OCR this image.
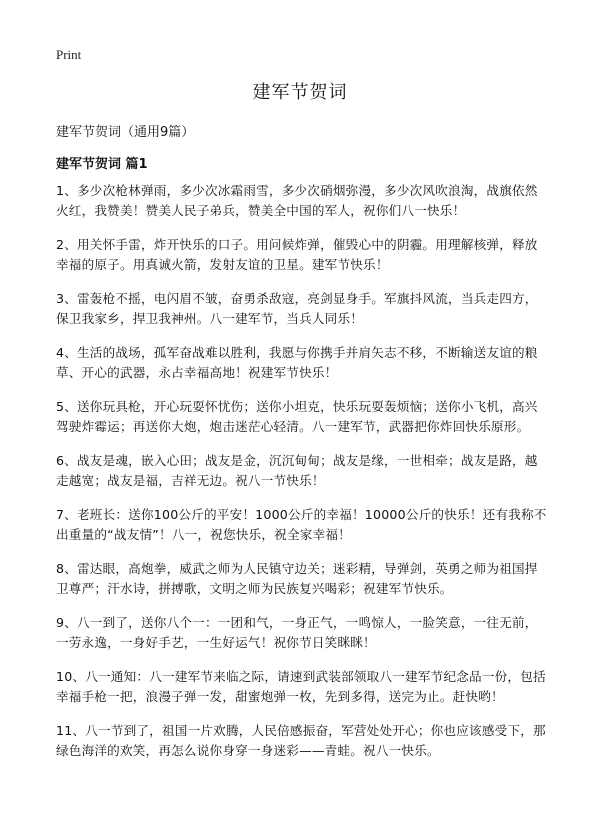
Print
建军节贺词

建军节贺词（通用9篇）

建军节贺词 篇1

1、多少次枪林弹雨，多少次冰霜雨雪，多少次硝烟弥漫，多少次风吹浪淘，战旗依然火红，我赞美！赞美人民子弟兵，赞美全中国的军人，祝你们八一快乐！

2、用关怀手雷，炸开快乐的口子。用问候炸弹，催毁心中的阴霾。用理解核弹，释放幸福的原子。用真诚火箭，发射友谊的卫星。建军节快乐！

3、雷轰枪不摇，电闪眉不皱，奋勇杀敌寇，亮剑显身手。军旗抖风流，当兵走四方，保卫我家乡，捍卫我神州。八一建军节，当兵人同乐！

4、生活的战场，孤军奋战难以胜利，我愿与你携手并肩矢志不移，不断输送友谊的粮草、开心的武器，永占幸福高地！祝建军节快乐！

5、送你玩具枪，开心玩耍怀忧伤；送你小坦克，快乐玩耍轰烦恼；送你小飞机，高兴驾驶炸霉运；再送你大炮，炮击迷茫心轻清。八一建军节，武器把你炸回快乐原形。

6、战友是魂，嵌入心田；战友是金，沉沉甸甸；战友是缘，一世相牵；战友是路，越走越宽；战友是福，吉祥无边。祝八一节快乐！

7、老班长：送你100公斤的平安！1000公斤的幸福！10000公斤的快乐！还有我称不出重量的“战友情”！八一，祝您快乐，祝全家幸福！

8、雷达眼，高炮拳，威武之师为人民镇守边关；迷彩精，导弹剑，英勇之师为祖国捍卫尊严；汗水诗，拼搏歌，文明之师为民族复兴喝彩；祝建军节快乐。

9、八一到了，送你八个一：一团和气，一身正气，一鸣惊人，一脸笑意，一往无前，一劳永逸，一身好手艺，一生好运气！祝你节日笑眯眯！

10、八一通知：八一建军节来临之际，请速到武装部领取八一建军节纪念品一份，包括幸福手枪一把，浪漫子弹一发，甜蜜炮弹一枚，先到多得，送完为止。赶快哟！

11、八一节到了，祖国一片欢腾，人民倍感振奋，军营处处开心；你也应该感受下，那绿色海洋的欢笑，再怎么说你身穿一身迷彩——青蛙。祝八一快乐。
